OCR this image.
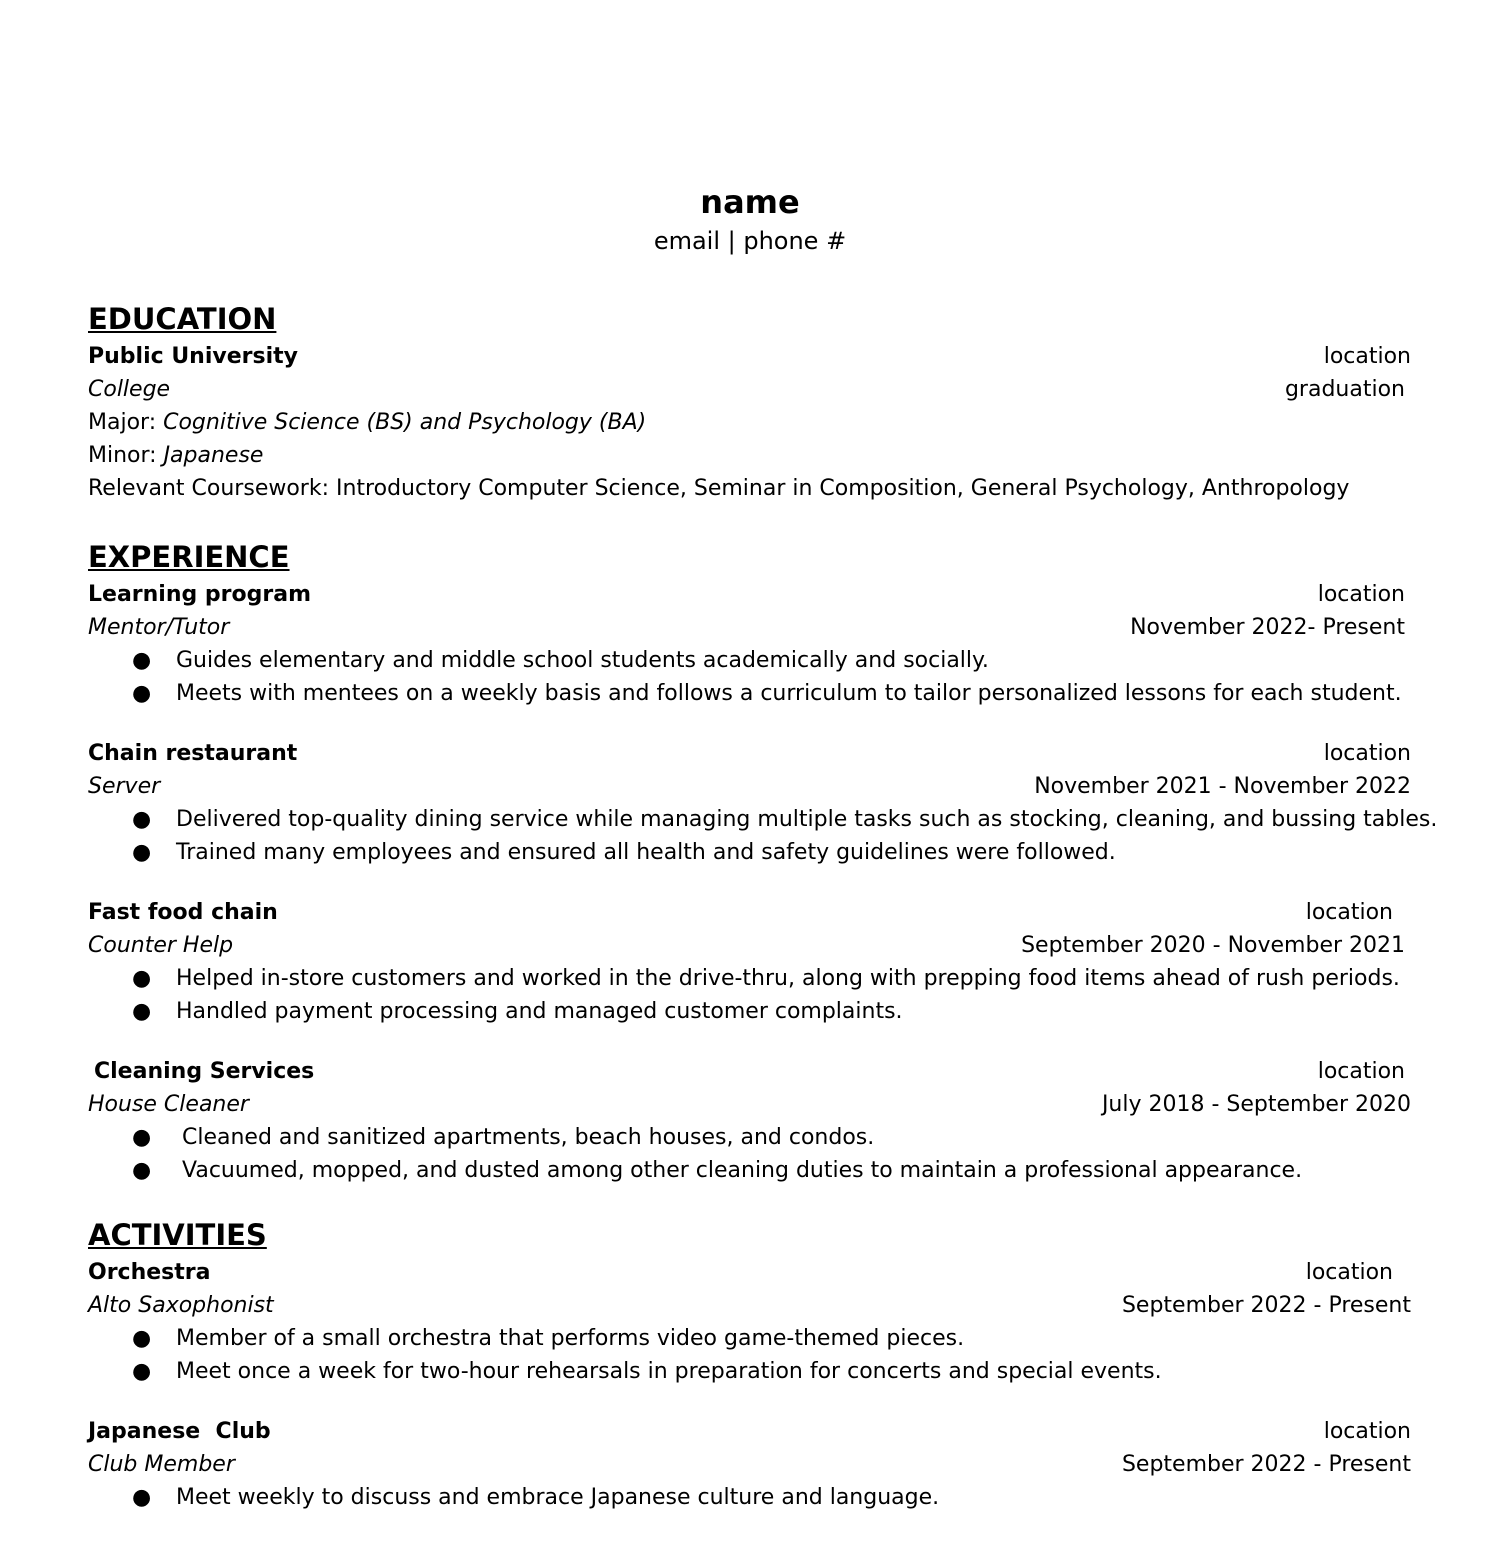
name
email | phone #
EDUCATION
Public University	location
College	graduation
Major: Cognitive Science (BS) and Psychology (BA)
Minor: Japanese
Relevant Coursework: Introductory Computer Science, Seminar in Composition, General Psychology, Anthropology
EXPERIENCE
Learning program	location
Mentor/Tutor	November 2022- Present
● Guides elementary and middle school students academically and socially.
● Meets with mentees on a weekly basis and follows a curriculum to tailor personalized lessons for each student.
Chain restaurant	location
Server	November 2021 - November 2022
● Delivered top-quality dining service while managing multiple tasks such as stocking, cleaning, and bussing tables.
● Trained many employees and ensured all health and safety guidelines were followed.
Fast food chain	location
Counter Help	September 2020 - November 2021
● Helped in-store customers and worked in the drive-thru, along with prepping food items ahead of rush periods.
● Handled payment processing and managed customer complaints.
Cleaning Services	location
House Cleaner	July 2018 - September 2020
● Cleaned and sanitized apartments, beach houses, and condos.
● Vacuumed, mopped, and dusted among other cleaning duties to maintain a professional appearance.
ACTIVITIES
Orchestra	location
Alto Saxophonist	September 2022 - Present
● Member of a small orchestra that performs video game-themed pieces.
● Meet once a week for two-hour rehearsals in preparation for concerts and special events.
Japanese  Club	location
Club Member	September 2022 - Present
● Meet weekly to discuss and embrace Japanese culture and language.
